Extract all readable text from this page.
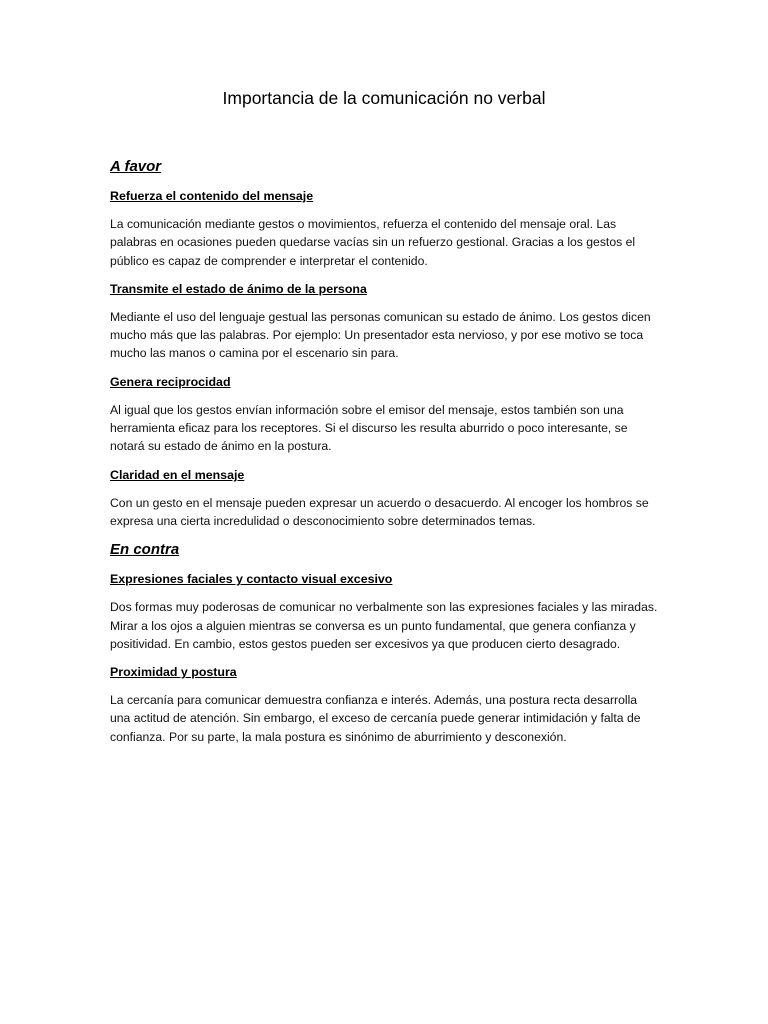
Importancia de la comunicación no verbal
A favor
Refuerza el contenido del mensaje

La comunicación mediante gestos o movimientos, refuerza el contenido del mensaje oral. Las palabras en ocasiones pueden quedarse vacías sin un refuerzo gestional. Gracias a los gestos el público es capaz de comprender e interpretar el contenido.

Transmite el estado de ánimo de la persona

Mediante el uso del lenguaje gestual las personas comunican su estado de ánimo. Los gestos dicen mucho más que las palabras. Por ejemplo: Un presentador esta nervioso, y por ese motivo se toca mucho las manos o camina por el escenario sin para.

Genera reciprocidad

Al igual que los gestos envían información sobre el emisor del mensaje, estos también son una herramienta eficaz para los receptores. Si el discurso les resulta aburrido o poco interesante, se notará su estado de ánimo en la postura.

Claridad en el mensaje

Con un gesto en el mensaje pueden expresar un acuerdo o desacuerdo. Al encoger los hombros se expresa una cierta incredulidad o desconocimiento sobre determinados temas.

En contra
Expresiones faciales y contacto visual excesivo

Dos formas muy poderosas de comunicar no verbalmente son las expresiones faciales y las miradas. Mirar a los ojos a alguien mientras se conversa es un punto fundamental, que genera confianza y positividad. En cambio, estos gestos pueden ser excesivos ya que producen cierto desagrado.

Proximidad y postura

La cercanía para comunicar demuestra confianza e interés. Además, una postura recta desarrolla una actitud de atención. Sin embargo, el exceso de cercanía puede generar intimidación y falta de confianza. Por su parte, la mala postura es sinónimo de aburrimiento y desconexión.
